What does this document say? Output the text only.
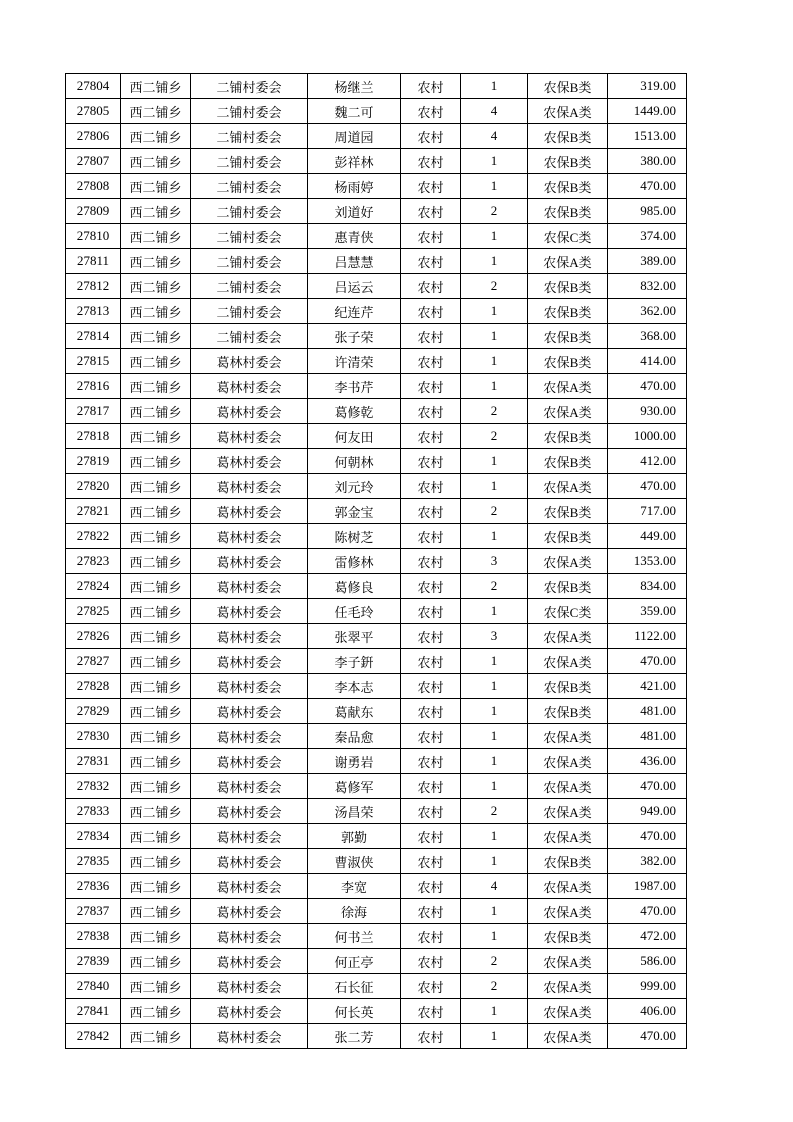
27804	西二铺乡	二铺村委会	杨继兰	农村	1	农保B类	319.00
27805	西二铺乡	二铺村委会	魏二可	农村	4	农保A类	1449.00
27806	西二铺乡	二铺村委会	周道园	农村	4	农保B类	1513.00
27807	西二铺乡	二铺村委会	彭祥林	农村	1	农保B类	380.00
27808	西二铺乡	二铺村委会	杨雨婷	农村	1	农保B类	470.00
27809	西二铺乡	二铺村委会	刘道好	农村	2	农保B类	985.00
27810	西二铺乡	二铺村委会	惠青侠	农村	1	农保C类	374.00
27811	西二铺乡	二铺村委会	吕慧慧	农村	1	农保A类	389.00
27812	西二铺乡	二铺村委会	吕运云	农村	2	农保B类	832.00
27813	西二铺乡	二铺村委会	纪连芹	农村	1	农保B类	362.00
27814	西二铺乡	二铺村委会	张子荣	农村	1	农保B类	368.00
27815	西二铺乡	葛林村委会	许清荣	农村	1	农保B类	414.00
27816	西二铺乡	葛林村委会	李书芹	农村	1	农保A类	470.00
27817	西二铺乡	葛林村委会	葛修乾	农村	2	农保A类	930.00
27818	西二铺乡	葛林村委会	何友田	农村	2	农保B类	1000.00
27819	西二铺乡	葛林村委会	何朝林	农村	1	农保B类	412.00
27820	西二铺乡	葛林村委会	刘元玲	农村	1	农保A类	470.00
27821	西二铺乡	葛林村委会	郭金宝	农村	2	农保B类	717.00
27822	西二铺乡	葛林村委会	陈树芝	农村	1	农保B类	449.00
27823	西二铺乡	葛林村委会	雷修林	农村	3	农保A类	1353.00
27824	西二铺乡	葛林村委会	葛修良	农村	2	农保B类	834.00
27825	西二铺乡	葛林村委会	任毛玲	农村	1	农保C类	359.00
27826	西二铺乡	葛林村委会	张翠平	农村	3	农保A类	1122.00
27827	西二铺乡	葛林村委会	李子銒	农村	1	农保A类	470.00
27828	西二铺乡	葛林村委会	李本志	农村	1	农保B类	421.00
27829	西二铺乡	葛林村委会	葛献东	农村	1	农保B类	481.00
27830	西二铺乡	葛林村委会	秦品愈	农村	1	农保A类	481.00
27831	西二铺乡	葛林村委会	谢勇岩	农村	1	农保A类	436.00
27832	西二铺乡	葛林村委会	葛修军	农村	1	农保A类	470.00
27833	西二铺乡	葛林村委会	汤昌荣	农村	2	农保A类	949.00
27834	西二铺乡	葛林村委会	郭勤	农村	1	农保A类	470.00
27835	西二铺乡	葛林村委会	曹淑侠	农村	1	农保B类	382.00
27836	西二铺乡	葛林村委会	李宽	农村	4	农保A类	1987.00
27837	西二铺乡	葛林村委会	徐海	农村	1	农保A类	470.00
27838	西二铺乡	葛林村委会	何书兰	农村	1	农保B类	472.00
27839	西二铺乡	葛林村委会	何正亭	农村	2	农保A类	586.00
27840	西二铺乡	葛林村委会	石长征	农村	2	农保A类	999.00
27841	西二铺乡	葛林村委会	何长英	农村	1	农保A类	406.00
27842	西二铺乡	葛林村委会	张二芳	农村	1	农保A类	470.00
